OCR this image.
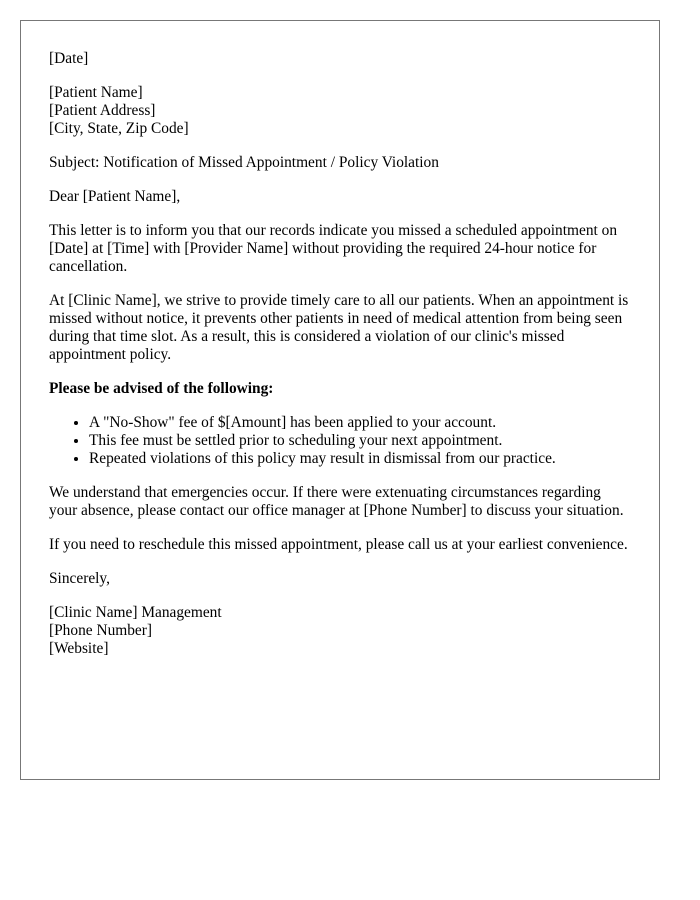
[Date]

[Patient Name]
[Patient Address]
[City, State, Zip Code]

Subject: Notification of Missed Appointment / Policy Violation

Dear [Patient Name],

This letter is to inform you that our records indicate you missed a scheduled appointment on [Date] at [Time] with [Provider Name] without providing the required 24-hour notice for cancellation.

At [Clinic Name], we strive to provide timely care to all our patients. When an appointment is missed without notice, it prevents other patients in need of medical attention from being seen during that time slot. As a result, this is considered a violation of our clinic's missed appointment policy.

Please be advised of the following:

• A "No-Show" fee of $[Amount] has been applied to your account.
• This fee must be settled prior to scheduling your next appointment.
• Repeated violations of this policy may result in dismissal from our practice.

We understand that emergencies occur. If there were extenuating circumstances regarding your absence, please contact our office manager at [Phone Number] to discuss your situation.

If you need to reschedule this missed appointment, please call us at your earliest convenience.

Sincerely,

[Clinic Name] Management
[Phone Number]
[Website]
